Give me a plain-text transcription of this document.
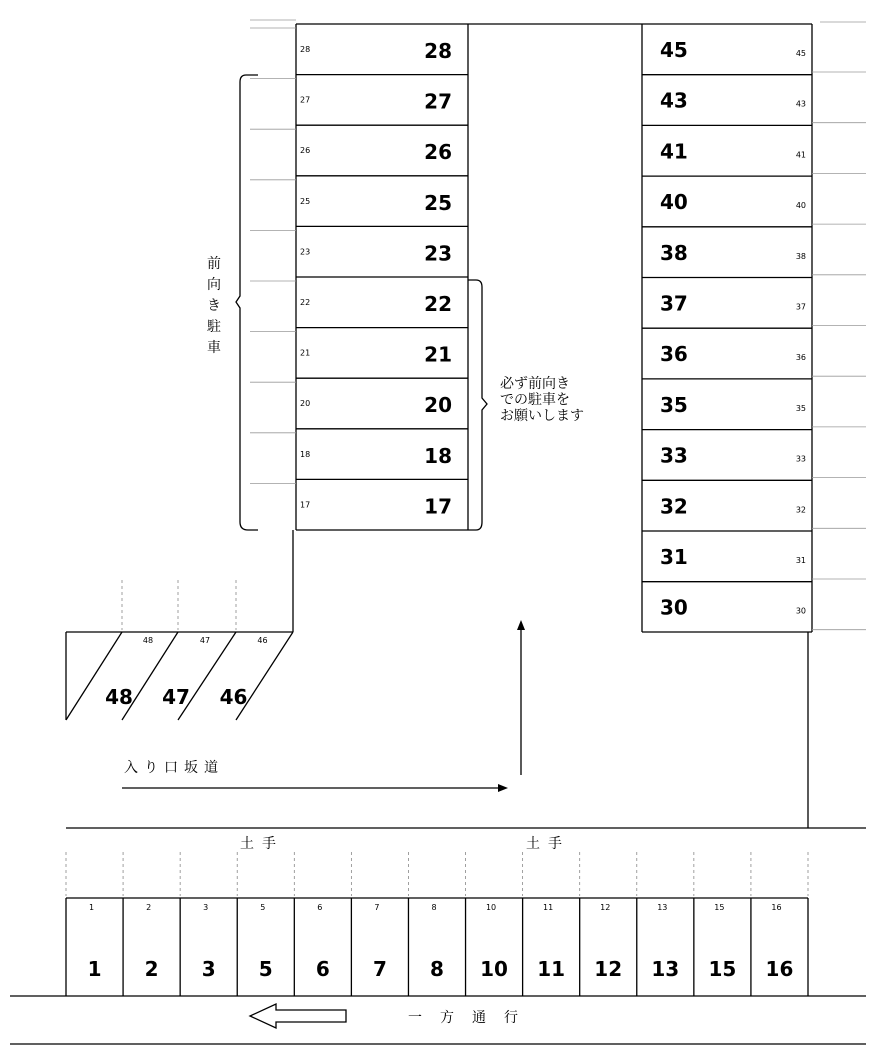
28	28
27	27
26	26
25	25
23	23
22	22
21	21
20	20
18	18
17	17
45	45
43	43
41	41
40	40
38	38
37	37
36	36
35	35
33	33
32	32
31	31
30	30
48
48
47
47
46
46
1
1
2
2
3
3
5
5
6
6
7
7
8
8
10
10
11
11
12
12
13
13
15
15
16
16
前向き駐車
必ず前向き
での駐車を
お願いします
入り口坂道
土手	土手
一方通行
